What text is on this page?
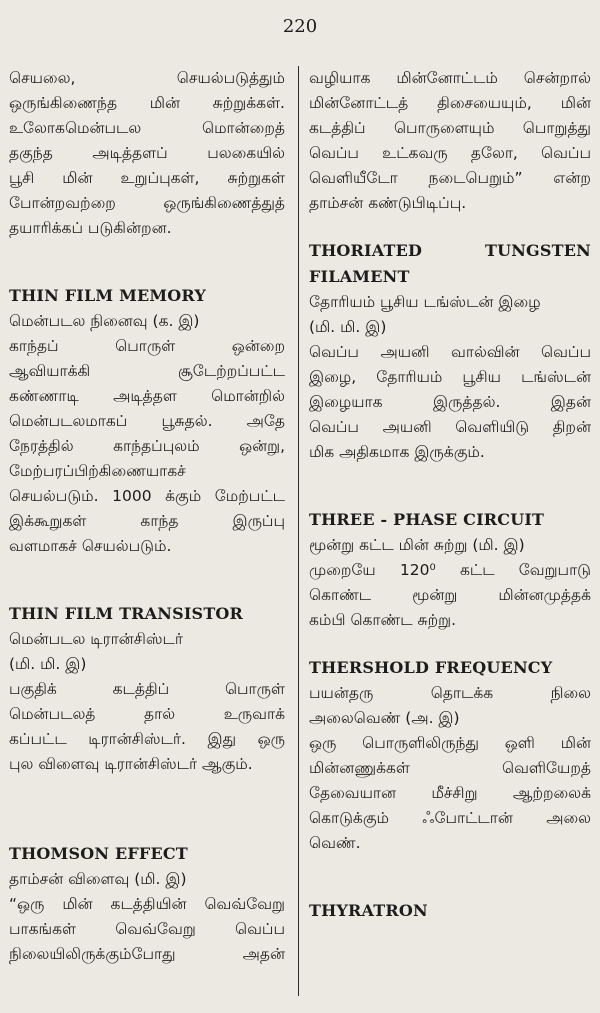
220
செயலை, செயல்படுத்தும்
ஒருங்கிணைந்த மின் சுற்றுக்கள்.
உலோகமென்படல மொன்றைத்
தகுந்த அடித்தளப் பலகையில்
பூசி மின் உறுப்புகள், சுற்றுகள்
போன்றவற்றை ஒருங்கிணைத்துத்
தயாரிக்கப் படுகின்றன.
THIN FILM MEMORY
மென்படல நினைவு (க. இ)
காந்தப் பொருள் ஒன்றை
ஆவியாக்கி சூடேற்றப்பட்ட
கண்ணாடி அடித்தள மொன்றில்
மென்படலமாகப் பூசுதல். அதே
நேரத்தில் காந்தப்புலம் ஒன்று,
மேற்பரப்பிற்கிணையாகச்
செயல்படும். 1000 க்கும் மேற்பட்ட
இக்கூறுகள் காந்த இருப்பு
வளமாகச் செயல்படும்.
THIN FILM TRANSISTOR
மென்படல டிரான்சிஸ்டர்
(மி. மி. இ)
பகுதிக் கடத்திப் பொருள்
மென்படலத் தால் உருவாக்
கப்பட்ட டிரான்சிஸ்டர். இது ஒரு
புல விளைவு டிரான்சிஸ்டர் ஆகும்.
THOMSON EFFECT
தாம்சன் விளைவு (மி. இ)
“ஒரு மின் கடத்தியின் வெவ்வேறு
பாகங்கள் வெவ்வேறு வெப்ப
நிலையிலிருக்கும்போது அதன்
வழியாக மின்னோட்டம் சென்றால்
மின்னோட்டத் திசையையும், மின்
கடத்திப் பொருளையும் பொறுத்து
வெப்ப உட்கவரு தலோ, வெப்ப
வெளியீடோ நடைபெறும்” என்ற
தாம்சன் கண்டுபிடிப்பு.
THORIATED	TUNGSTEN
FILAMENT
தோரியம் பூசிய டங்ஸ்டன் இழை
(மி. மி. இ)
வெப்ப அயனி வால்வின் வெப்ப
இழை, தோரியம் பூசிய டங்ஸ்டன்
இழையாக இருத்தல். இதன்
வெப்ப அயனி வெளியிடு திறன்
மிக அதிகமாக இருக்கும்.
THREE - PHASE CIRCUIT
மூன்று கட்ட மின் சுற்று (மி. இ)
முறையே 120⁰ கட்ட வேறுபாடு
கொண்ட மூன்று மின்னமுத்தக்
கம்பி கொண்ட சுற்று.
THERSHOLD FREQUENCY
பயன்தரு தொடக்க நிலை
அலைவெண் (அ. இ)
ஒரு பொருளிலிருந்து ஒளி மின்
மின்னணுக்கள் வெளியேறத்
தேவையான மீச்சிறு ஆற்றலைக்
கொடுக்கும் ஃபோட்டான் அலை
வெண்.
THYRATRON
